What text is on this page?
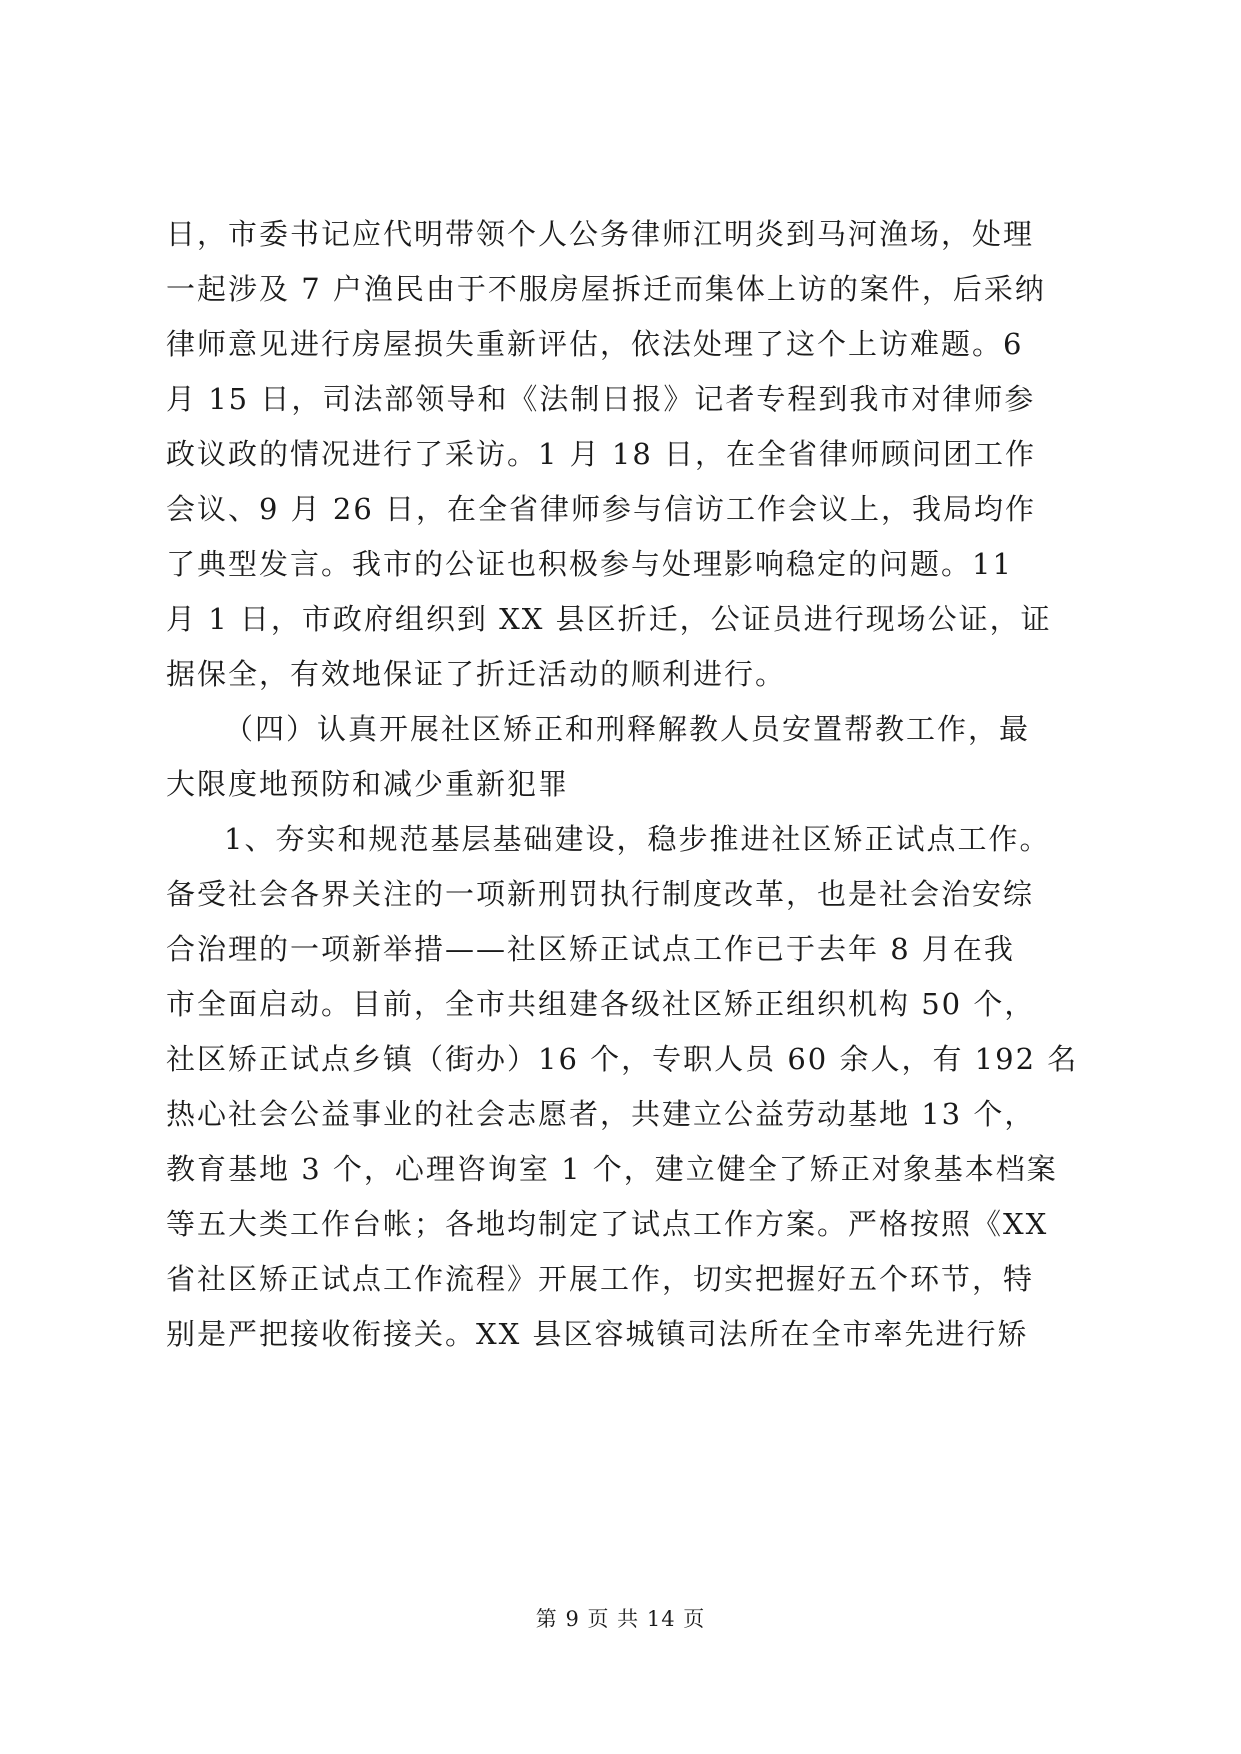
日，市委书记应代明带领个人公务律师江明炎到马河渔场，处理
一起涉及 7 户渔民由于不服房屋拆迁而集体上访的案件，后采纳
律师意见进行房屋损失重新评估，依法处理了这个上访难题。6
月 15 日，司法部领导和《法制日报》记者专程到我市对律师参
政议政的情况进行了采访。1 月 18 日，在全省律师顾问团工作
会议、9 月 26 日，在全省律师参与信访工作会议上，我局均作
了典型发言。我市的公证也积极参与处理影响稳定的问题。11
月 1 日，市政府组织到 XX 县区折迁，公证员进行现场公证，证
据保全，有效地保证了折迁活动的顺利进行。
（四）认真开展社区矫正和刑释解教人员安置帮教工作，最
大限度地预防和减少重新犯罪
1、夯实和规范基层基础建设，稳步推进社区矫正试点工作。
备受社会各界关注的一项新刑罚执行制度改革，也是社会治安综
合治理的一项新举措——社区矫正试点工作已于去年 8 月在我
市全面启动。目前，全市共组建各级社区矫正组织机构 50 个，
社区矫正试点乡镇（街办）16 个，专职人员 60 余人，有 192 名
热心社会公益事业的社会志愿者，共建立公益劳动基地 13 个，
教育基地 3 个，心理咨询室 1 个，建立健全了矫正对象基本档案
等五大类工作台帐；各地均制定了试点工作方案。严格按照《XX
省社区矫正试点工作流程》开展工作，切实把握好五个环节，特
别是严把接收衔接关。XX 县区容城镇司法所在全市率先进行矫
第 9 页 共 14 页
